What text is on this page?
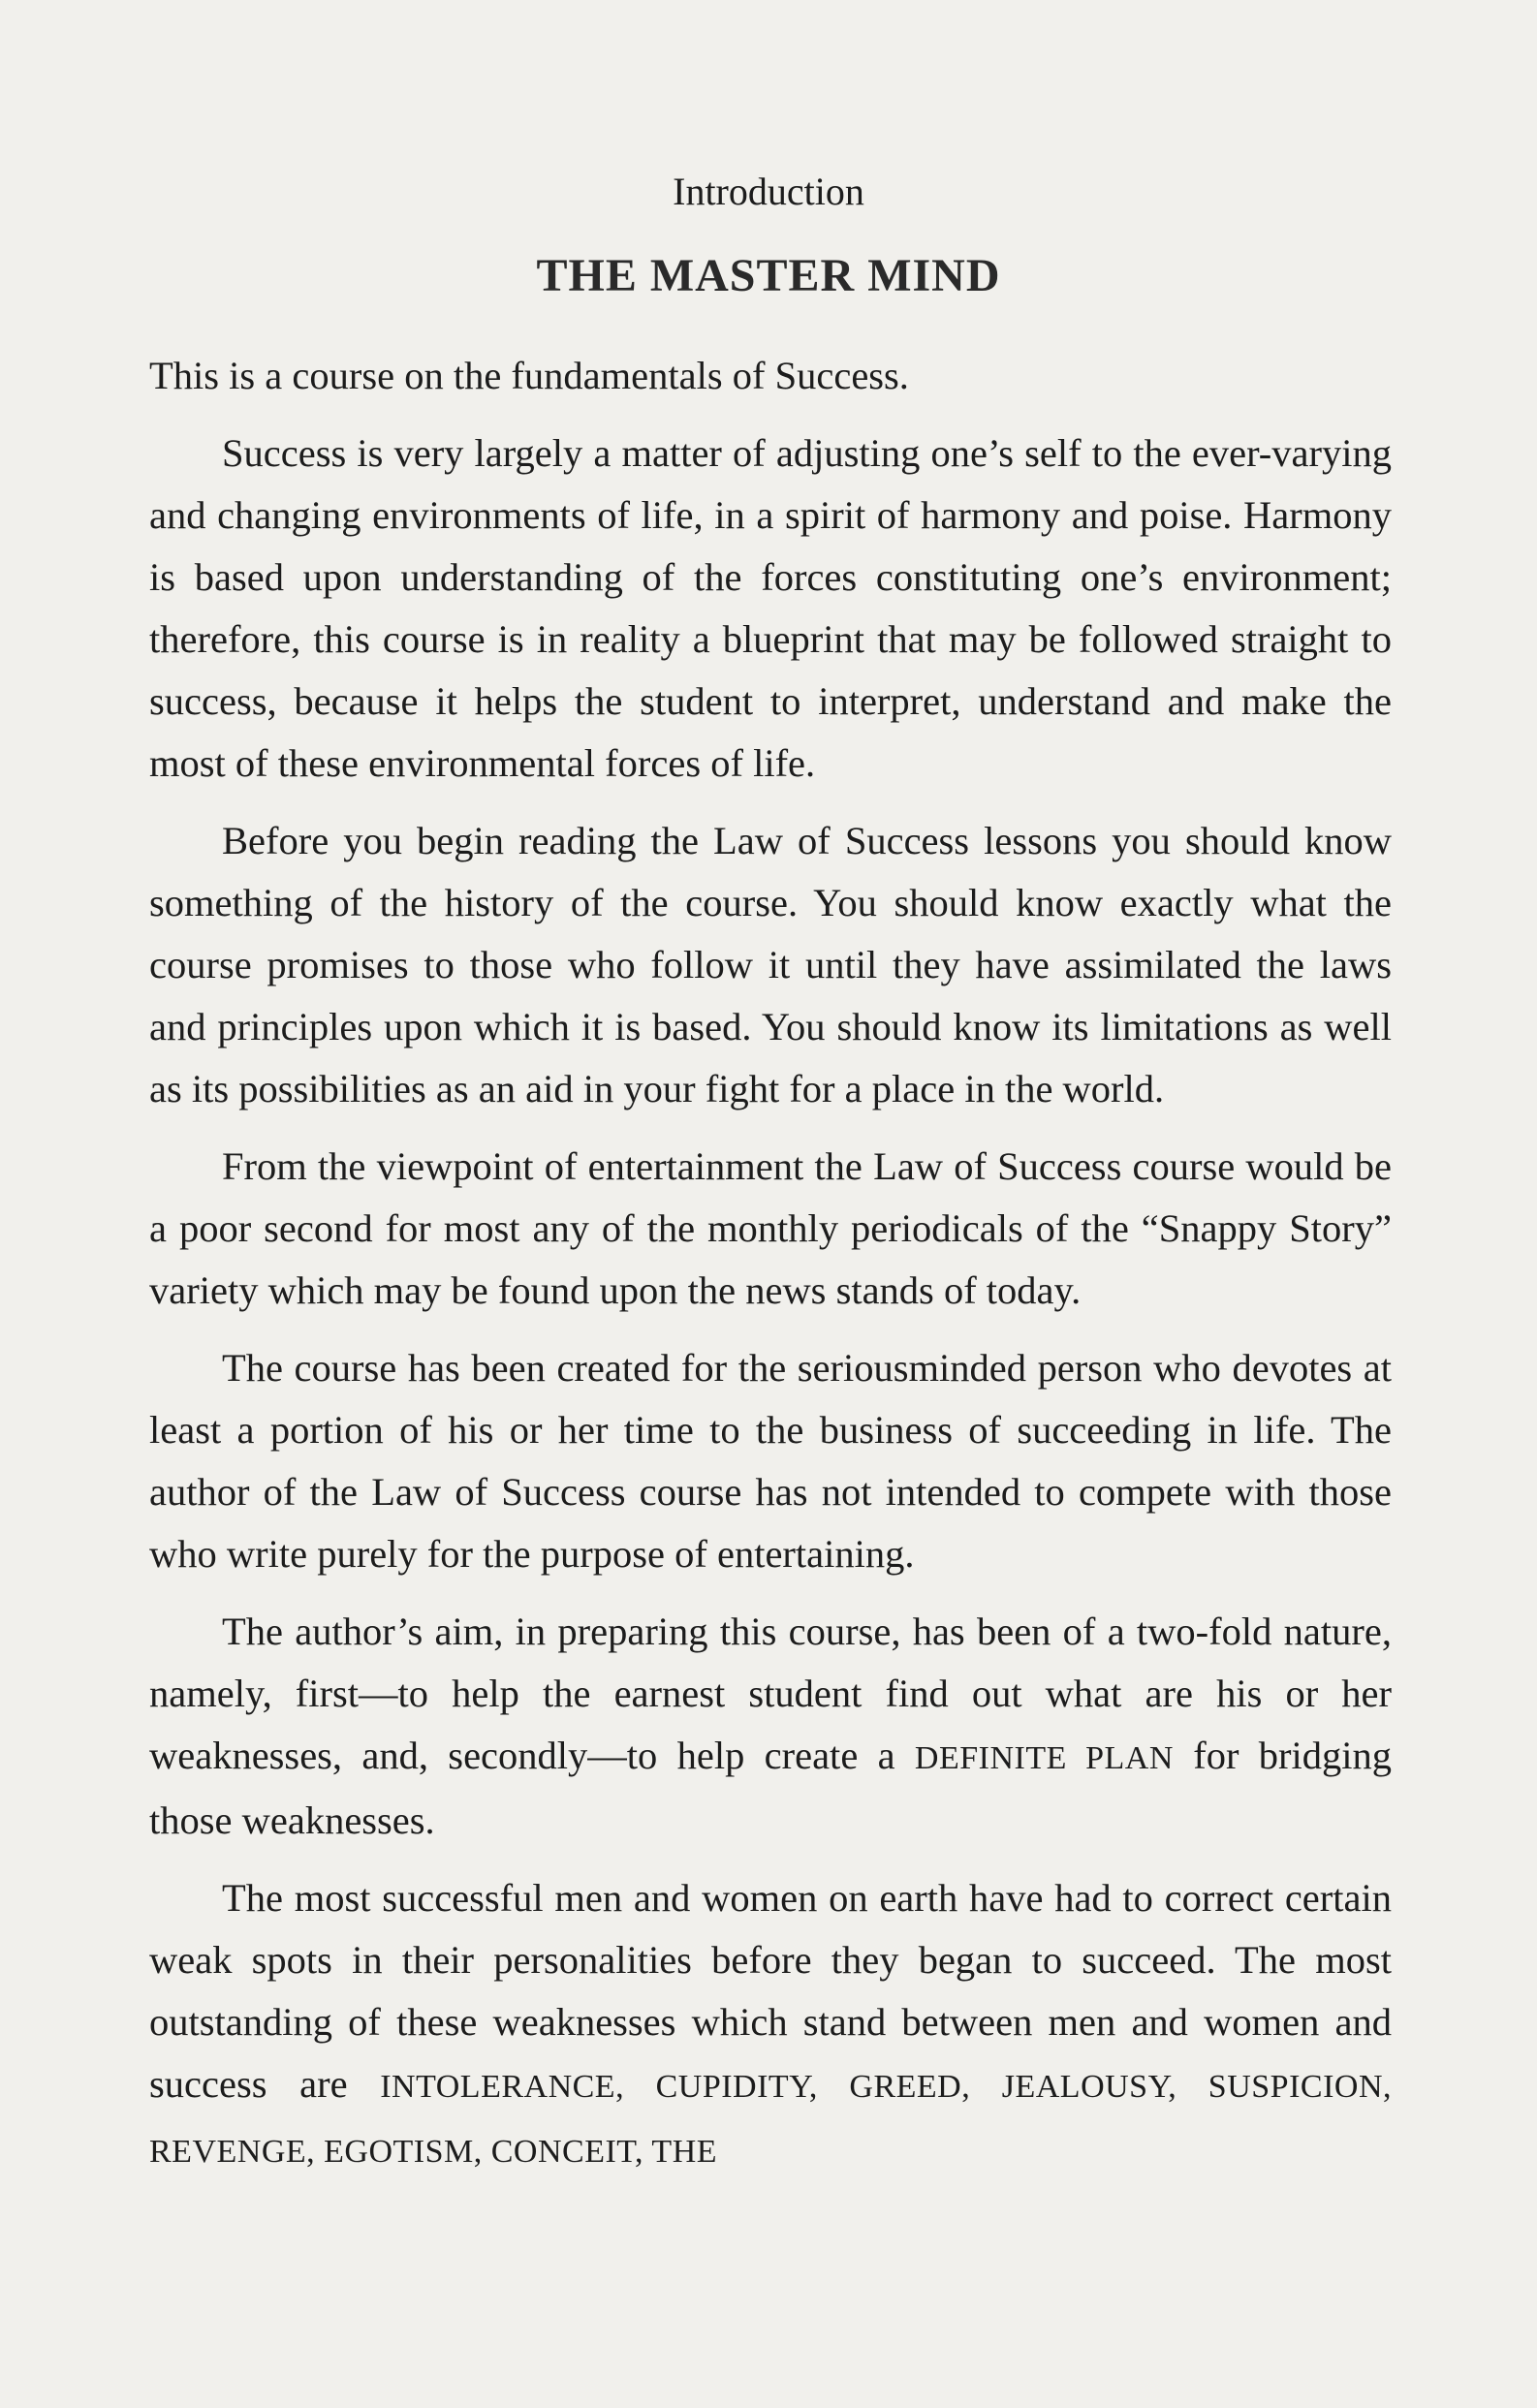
Introduction
THE MASTER MIND

This is a course on the fundamentals of Success.

Success is very largely a matter of adjusting one’s self to the ever-varying and changing environments of life, in a spirit of harmony and poise. Harmony is based upon understanding of the forces constituting one’s environment; therefore, this course is in reality a blueprint that may be followed straight to success, because it helps the student to interpret, understand and make the most of these environmental forces of life.

Before you begin reading the Law of Success lessons you should know something of the history of the course. You should know exactly what the course promises to those who follow it until they have assimilated the laws and principles upon which it is based. You should know its limitations as well as its possibilities as an aid in your fight for a place in the world.

From the viewpoint of entertainment the Law of Success course would be a poor second for most any of the monthly periodicals of the “Snappy Story” variety which may be found upon the news stands of today.

The course has been created for the seriousminded person who devotes at least a portion of his or her time to the business of succeeding in life. The author of the Law of Success course has not intended to compete with those who write purely for the purpose of entertaining.

The author’s aim, in preparing this course, has been of a two-fold nature, namely, first—to help the earnest student find out what are his or her weaknesses, and, secondly—to help create a DEFINITE PLAN for bridging those weaknesses.

The most successful men and women on earth have had to correct certain weak spots in their personalities before they began to succeed. The most outstanding of these weaknesses which stand between men and women and success are INTOLERANCE, CUPIDITY, GREED, JEALOUSY, SUSPICION, REVENGE, EGOTISM, CONCEIT, THE
